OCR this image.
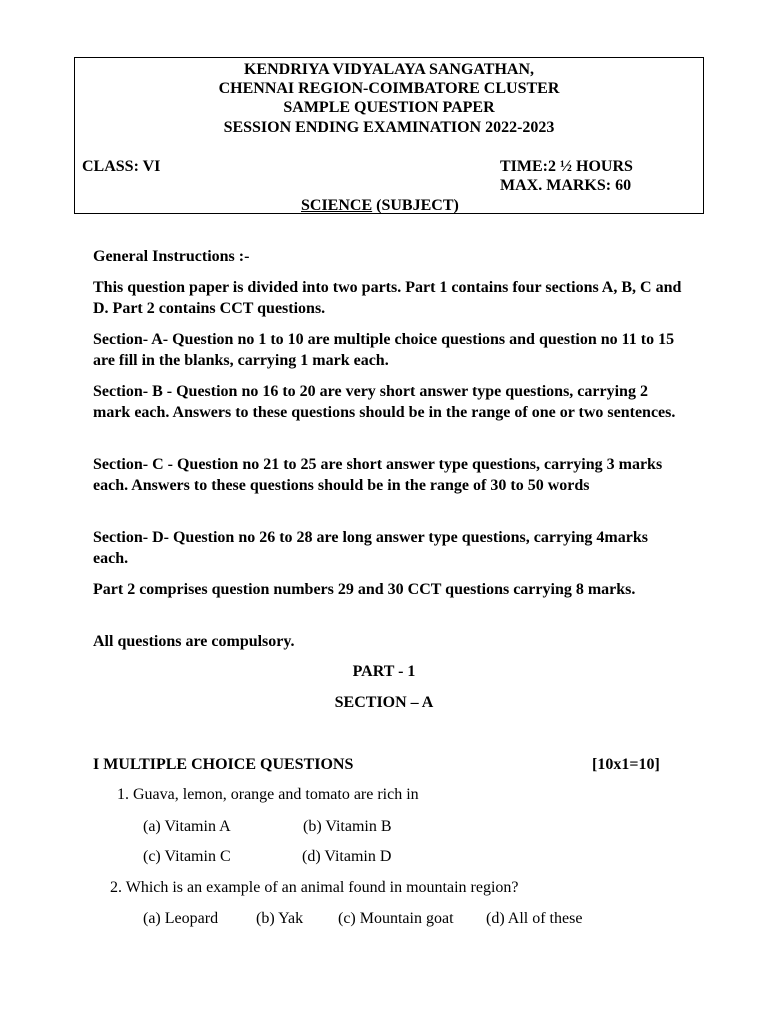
KENDRIYA VIDYALAYA SANGATHAN,
CHENNAI REGION-COIMBATORE CLUSTER
SAMPLE QUESTION PAPER
SESSION ENDING EXAMINATION 2022-2023
CLASS: VI	TIME:2 ½ HOURS
MAX. MARKS: 60
SCIENCE (SUBJECT)
General Instructions :-
This question paper is divided into two parts. Part 1 contains four sections A, B, C and D. Part 2 contains CCT questions.
Section- A- Question no 1 to 10 are multiple choice questions and question no 11 to 15 are fill in the blanks, carrying 1 mark each.
Section- B - Question no 16 to 20 are very short answer type questions, carrying 2 mark each. Answers to these questions should be in the range of one or two sentences.
Section- C - Question no 21 to 25 are short answer type questions, carrying 3 marks each. Answers to these questions should be in the range of 30 to 50 words
Section- D- Question no 26 to 28 are long answer type questions, carrying 4marks each.
Part 2 comprises question numbers 29 and 30 CCT questions carrying 8 marks.
All questions are compulsory.
PART - 1
SECTION – A
I MULTIPLE CHOICE QUESTIONS	[10x1=10]
1. Guava, lemon, orange and tomato are rich in
(a) Vitamin A	(b) Vitamin B
(c) Vitamin C	(d) Vitamin D
2. Which is an example of an animal found in mountain region?
(a) Leopard (b) Yak (c) Mountain goat (d) All of these
